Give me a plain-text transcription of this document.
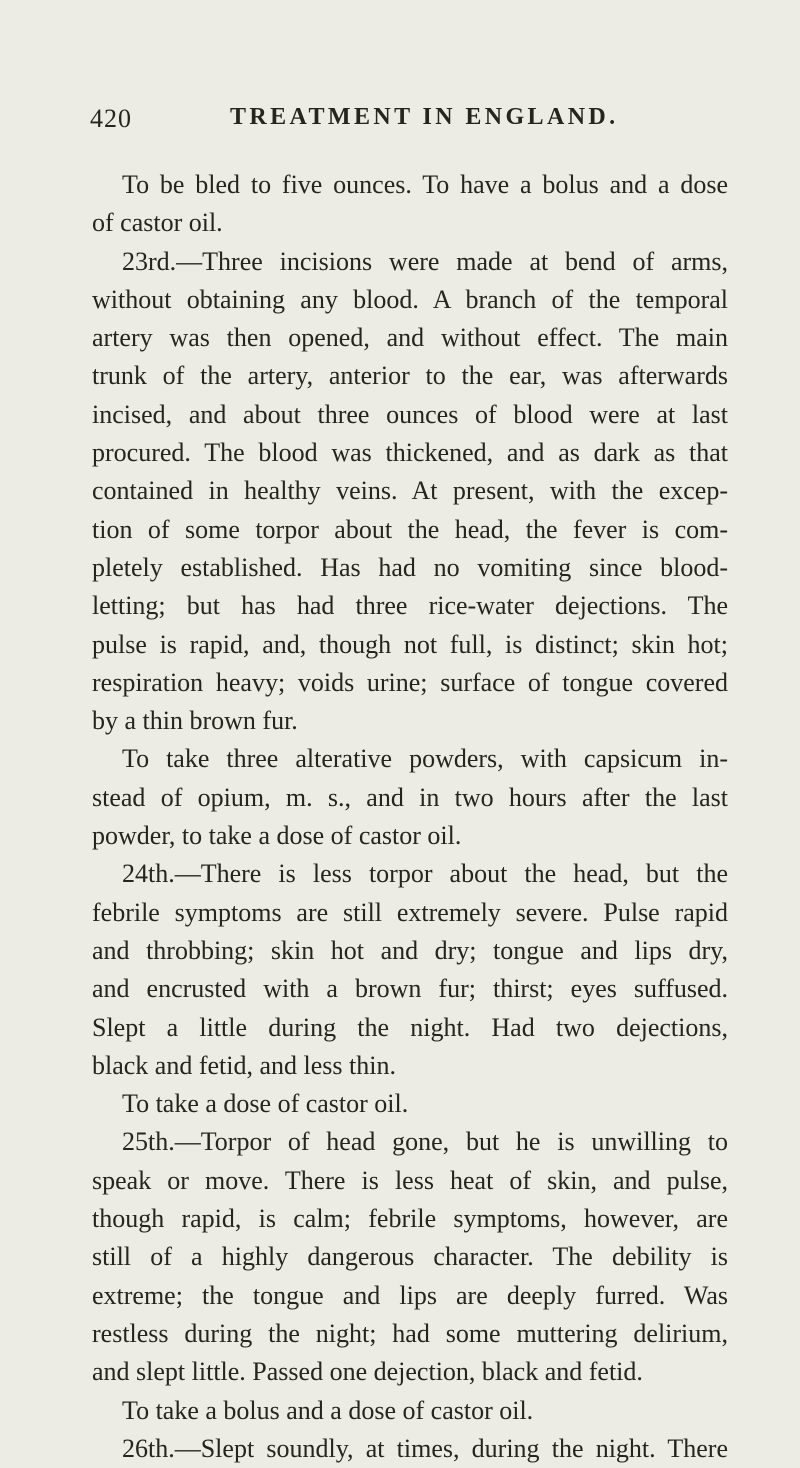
420	TREATMENT IN ENGLAND.
To be bled to five ounces. To have a bolus and a dose
of castor oil.
23rd.—Three incisions were made at bend of arms,
without obtaining any blood. A branch of the temporal
artery was then opened, and without effect. The main
trunk of the artery, anterior to the ear, was afterwards
incised, and about three ounces of blood were at last
procured. The blood was thickened, and as dark as that
contained in healthy veins. At present, with the excep-
tion of some torpor about the head, the fever is com-
pletely established. Has had no vomiting since blood-
letting; but has had three rice-water dejections. The
pulse is rapid, and, though not full, is distinct; skin hot;
respiration heavy; voids urine; surface of tongue covered
by a thin brown fur.
To take three alterative powders, with capsicum in-
stead of opium, m. s., and in two hours after the last
powder, to take a dose of castor oil.
24th.—There is less torpor about the head, but the
febrile symptoms are still extremely severe. Pulse rapid
and throbbing; skin hot and dry; tongue and lips dry,
and encrusted with a brown fur; thirst; eyes suffused.
Slept a little during the night. Had two dejections,
black and fetid, and less thin.
To take a dose of castor oil.
25th.—Torpor of head gone, but he is unwilling to
speak or move. There is less heat of skin, and pulse,
though rapid, is calm; febrile symptoms, however, are
still of a highly dangerous character. The debility is
extreme; the tongue and lips are deeply furred. Was
restless during the night; had some muttering delirium,
and slept little. Passed one dejection, black and fetid.
To take a bolus and a dose of castor oil.
26th.—Slept soundly, at times, during the night. There
